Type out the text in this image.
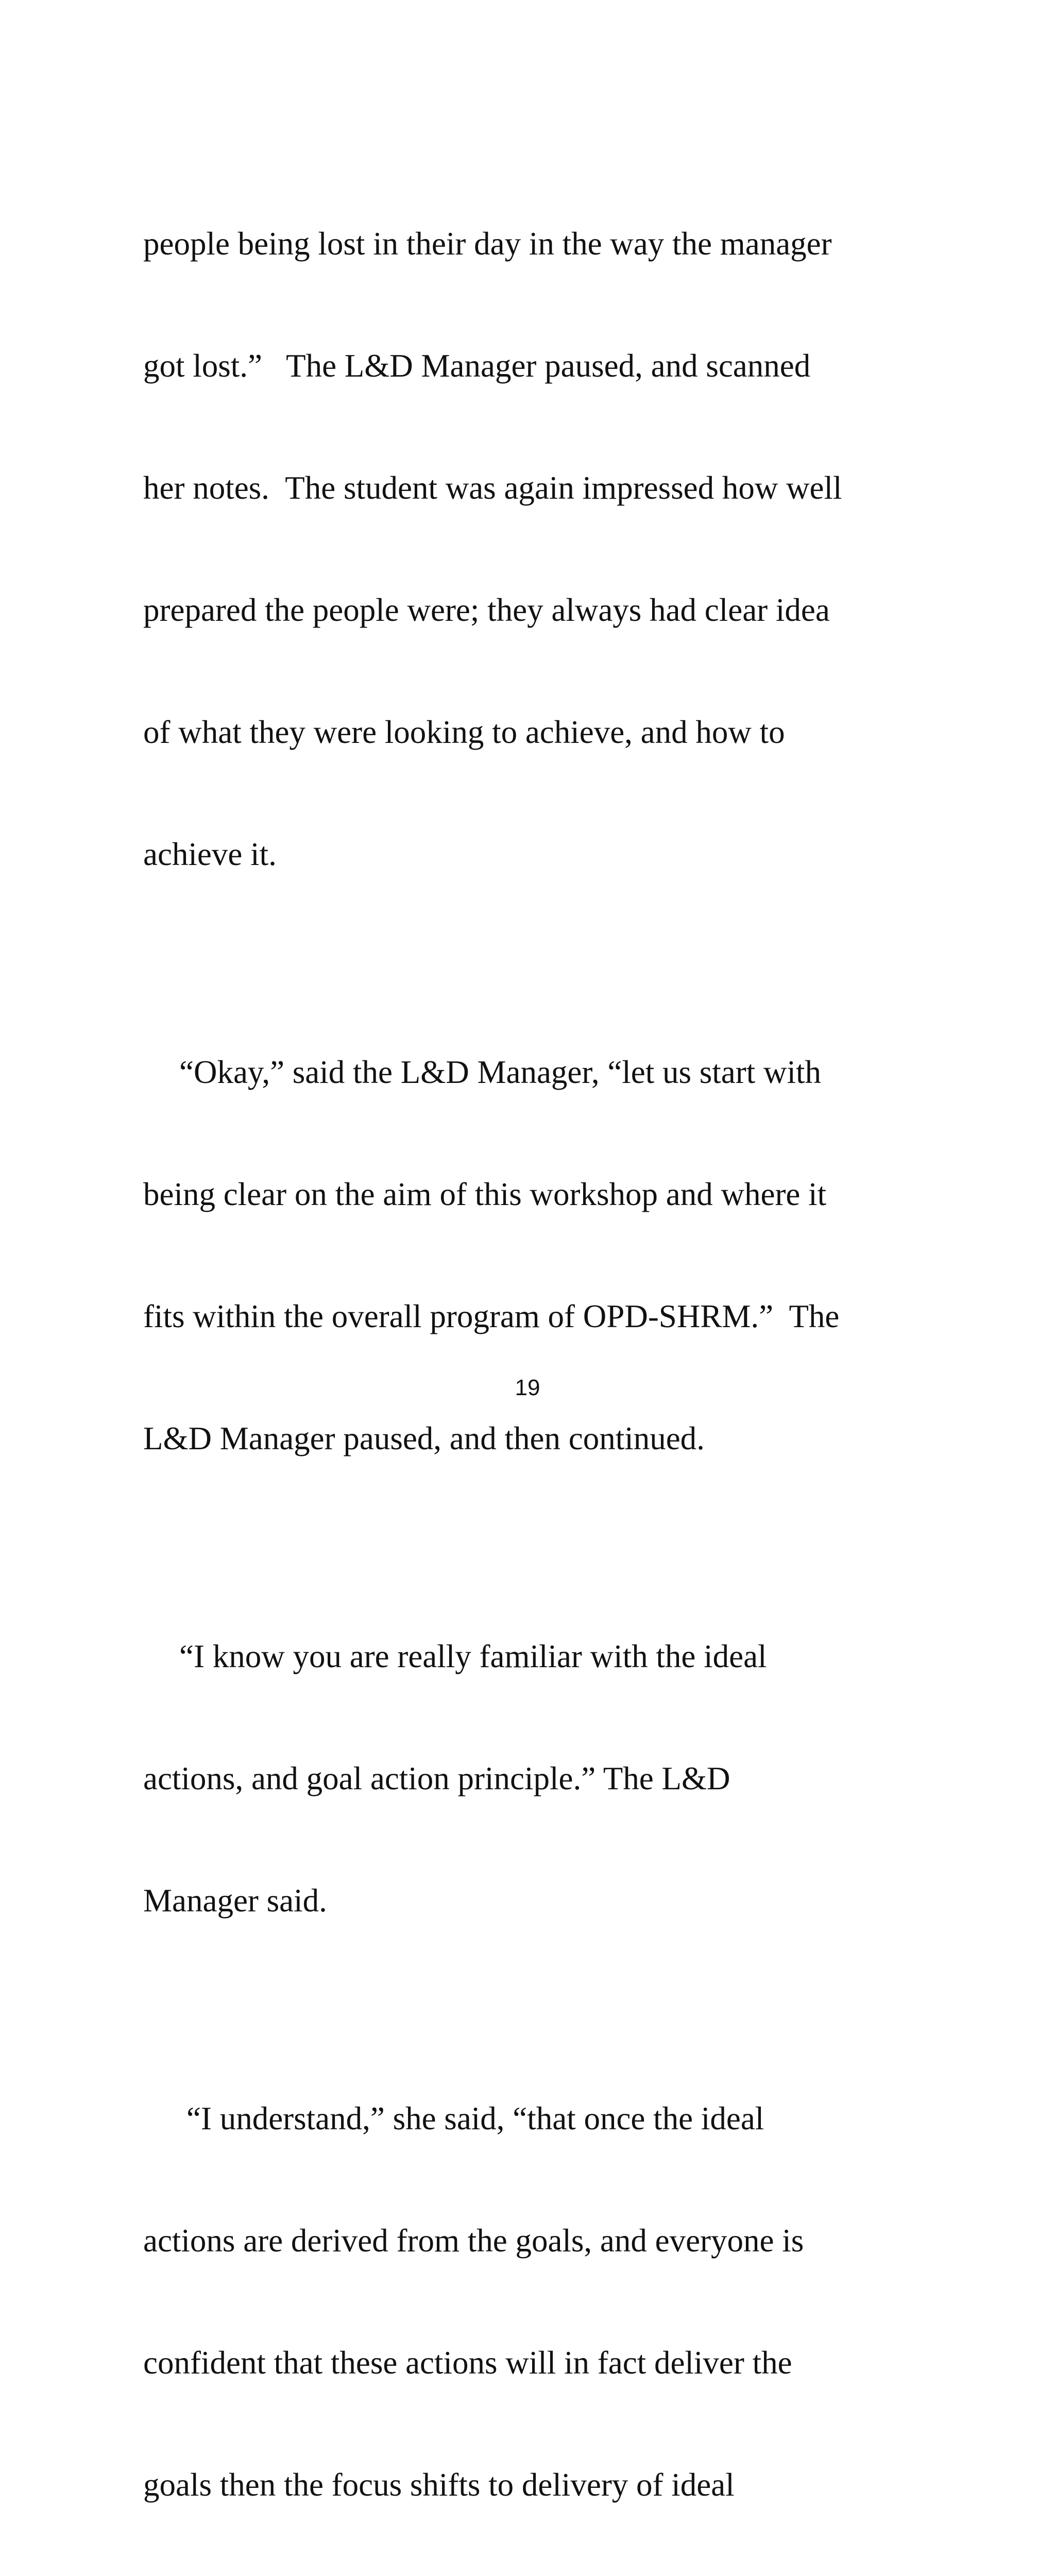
people being lost in their day in the way the manager

got lost.”   The L&D Manager paused, and scanned

her notes.  The student was again impressed how well

prepared the people were; they always had clear idea

of what they were looking to achieve, and how to

achieve it.

“Okay,” said the L&D Manager, “let us start with

being clear on the aim of this workshop and where it

fits within the overall program of OPD-SHRM.”  The

L&D Manager paused, and then continued.

“I know you are really familiar with the ideal

actions, and goal action principle.” The L&D

Manager said.

“I understand,” she said, “that once the ideal

actions are derived from the goals, and everyone is

confident that these actions will in fact deliver the

goals then the focus shifts to delivery of ideal

19
